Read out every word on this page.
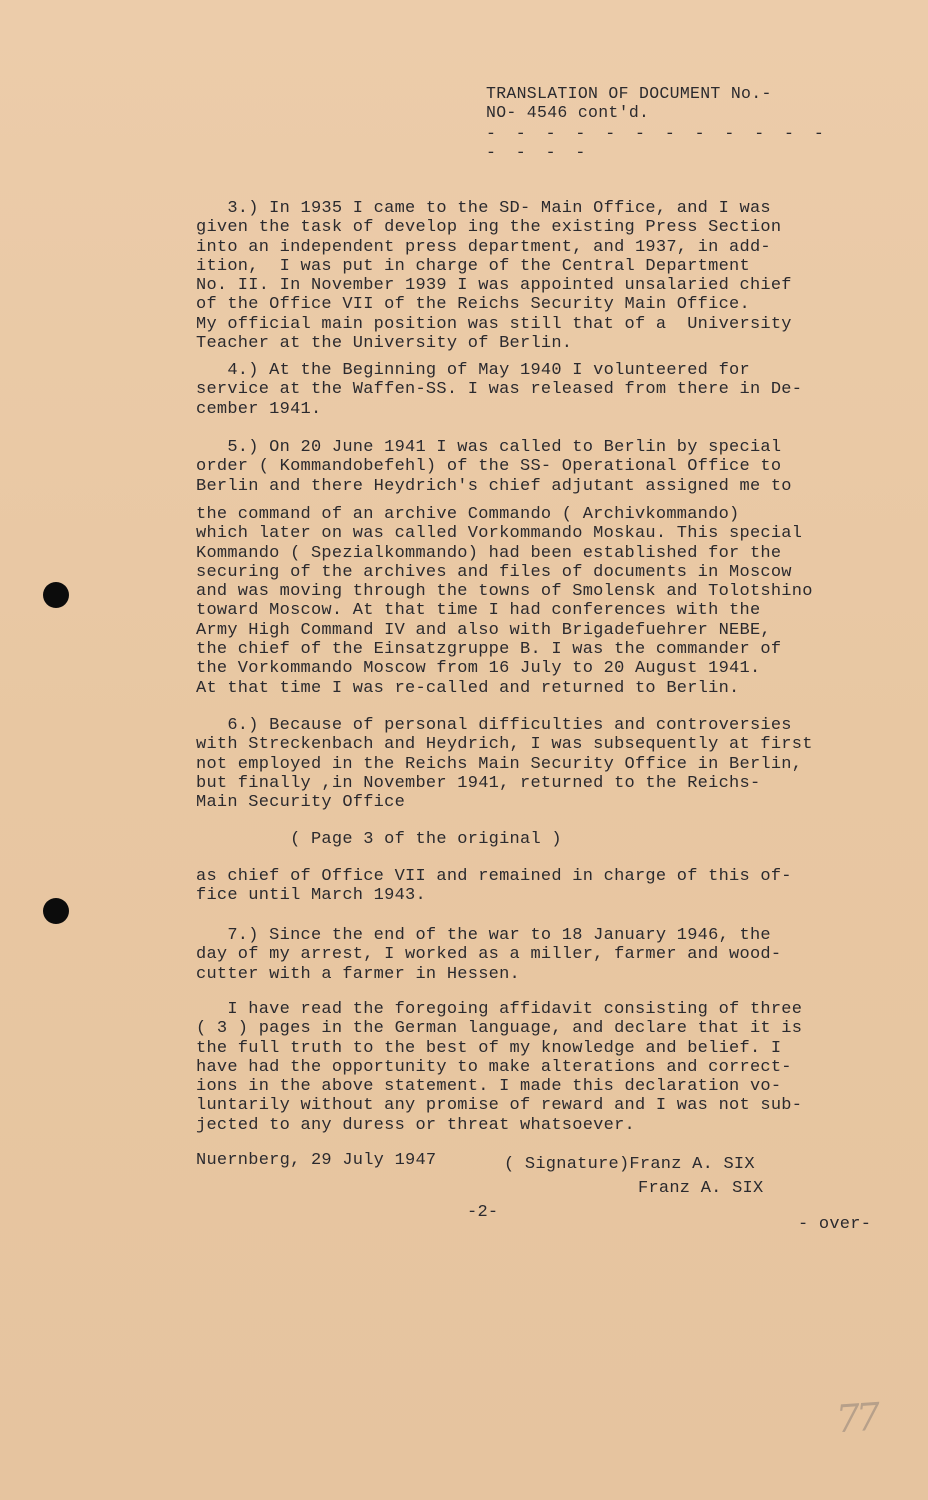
TRANSLATION OF DOCUMENT No.-
NO- 4546 cont'd.
- - - - - - - - - - - - - - - -
3.) In 1935 I came to the SD- Main Office, and I was
given the task of develop ing the existing Press Section
into an independent press department, and 1937, in add-
ition,  I was put in charge of the Central Department
No. II. In November 1939 I was appointed unsalaried chief
of the Office VII of the Reichs Security Main Office.
My official main position was still that of a  University
Teacher at the University of Berlin.
4.) At the Beginning of May 1940 I volunteered for
service at the Waffen-SS. I was released from there in De-
cember 1941.
5.) On 20 June 1941 I was called to Berlin by special
order ( Kommandobefehl) of the SS- Operational Office to
Berlin and there Heydrich's chief adjutant assigned me to
the command of an archive Commando ( Archivkommando)
which later on was called Vorkommando Moskau. This special
Kommando ( Spezialkommando) had been established for the
securing of the archives and files of documents in Moscow
and was moving through the towns of Smolensk and Tolotshino
toward Moscow. At that time I had conferences with the
Army High Command IV and also with Brigadefuehrer NEBE,
the chief of the Einsatzgruppe B. I was the commander of
the Vorkommando Moscow from 16 July to 20 August 1941.
At that time I was re-called and returned to Berlin.
6.) Because of personal difficulties and controversies
with Streckenbach and Heydrich, I was subsequently at first
not employed in the Reichs Main Security Office in Berlin,
but finally ,in November 1941, returned to the Reichs-
Main Security Office
( Page 3 of the original )
as chief of Office VII and remained in charge of this of-
fice until March 1943.
7.) Since the end of the war to 18 January 1946, the
day of my arrest, I worked as a miller, farmer and wood-
cutter with a farmer in Hessen.
I have read the foregoing affidavit consisting of three
( 3 ) pages in the German language, and declare that it is
the full truth to the best of my knowledge and belief. I
have had the opportunity to make alterations and correct-
ions in the above statement. I made this declaration vo-
luntarily without any promise of reward and I was not sub-
jected to any duress or threat whatsoever.
Nuernberg, 29 July 1947	( Signature)Franz A. SIX
Franz A. SIX
-2-
- over-
77
